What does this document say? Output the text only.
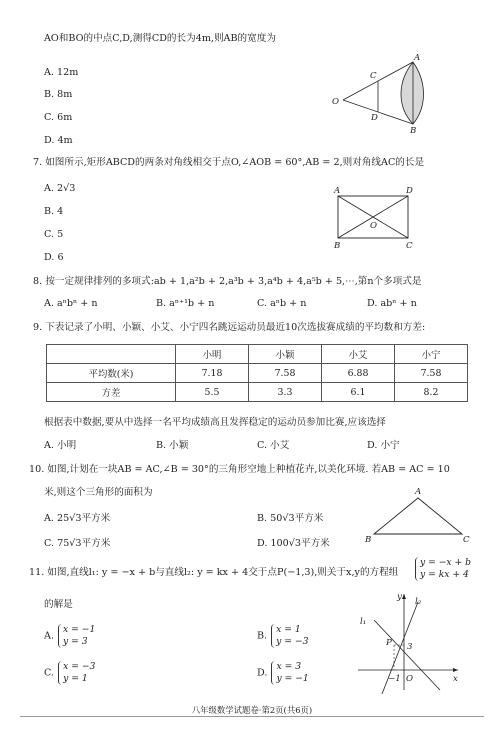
AO和BO的中点C,D,测得CD的长为4m,则AB的宽度为
A. 12m
B. 8m
C. 6m
D. 4m
A
B
C
D
O
7. 如图所示,矩形ABCD的两条对角线相交于点O,∠AOB = 60°,AB = 2,则对角线AC的长是
A. 2√3
B. 4
C. 5
D. 6
A	D
B	C
O
8. 按一定规律排列的多项式:ab + 1,a²b + 2,a³b + 3,a⁴b + 4,a⁵b + 5,⋯,第n个多项式是
A. aⁿbⁿ + n	B. aⁿ⁺¹b + n	C. aⁿb + n	D. abⁿ + n
9. 下表记录了小明、小颖、小艾、小宁四名跳远运动员最近10次选拔赛成绩的平均数和方差:
	小明	小颖	小艾	小宁
平均数(米)	7.18	7.58	6.88	7.58
方差	5.5	3.3	6.1	8.2
根据表中数据,要从中选择一名平均成绩高且发挥稳定的运动员参加比赛,应该选择
A. 小明	B. 小颖	C. 小艾	D. 小宁
10. 如图,计划在一块AB = AC,∠B = 30°的三角形空地上种植花卉,以美化环境. 若AB = AC = 10
米,则这个三角形的面积为
A. 25√3平方米	B. 50√3平方米
C. 75√3平方米	D. 100√3平方米
A
B	C
11. 如图,直线l₁: y = −x + b与直线l₂: y = kx + 4交于点P(−1,3),则关于x,y的方程组
y = −x + b
y = kx + 4
的解是
A.
x = −1
y = 3	B.
x = 1
y = −3
C.
x = −3
y = 1	D.
x = 3
y = −1
y l₂
l₁
P 3
−1 O	x
八年级数学试题卷·第2页(共6页)
